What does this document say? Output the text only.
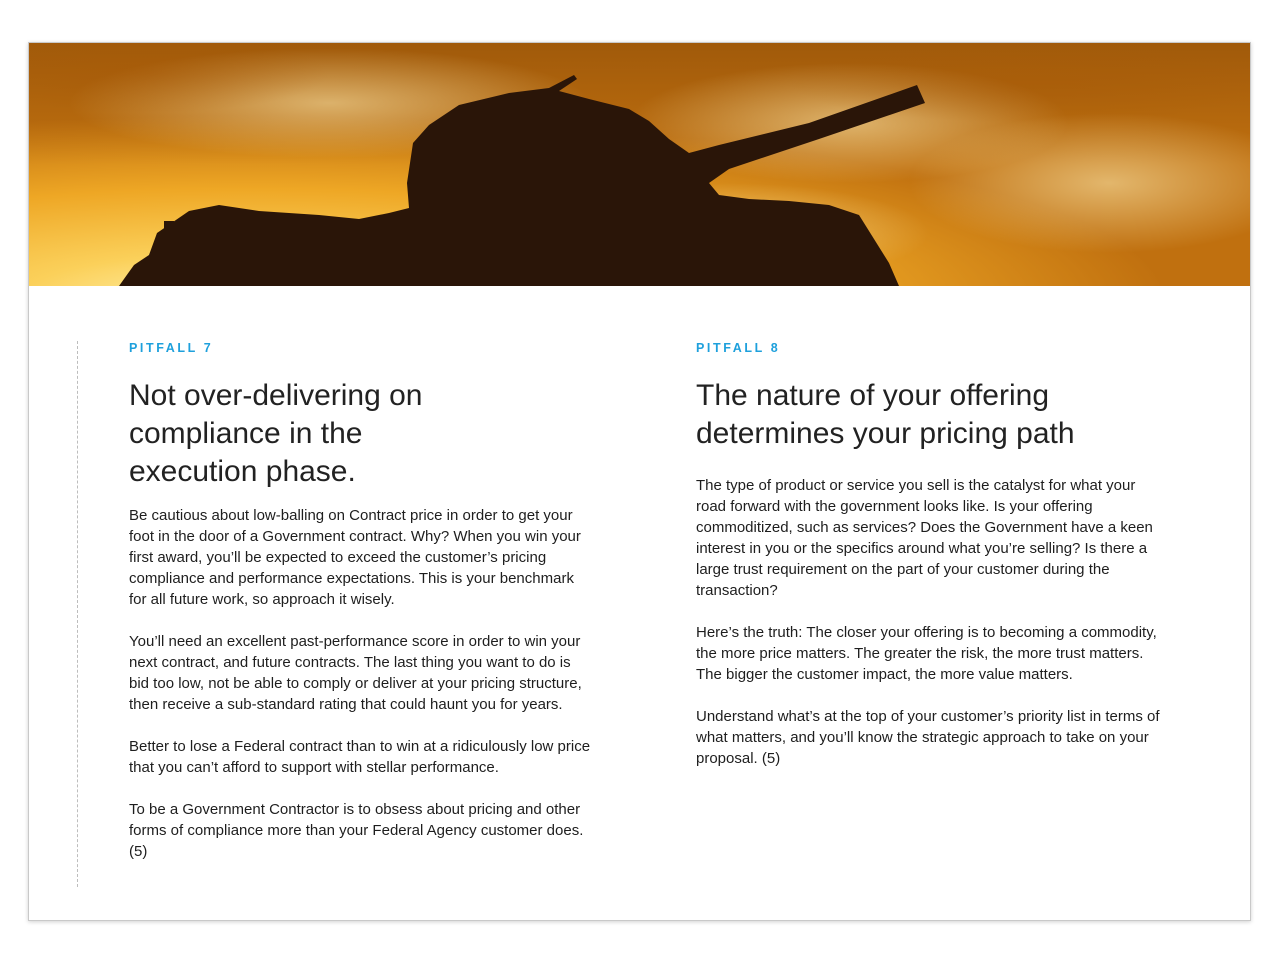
PITFALL 7
Not over-delivering on compliance in the execution phase.

Be cautious about low-balling on Contract price in order to get your foot in the door of a Government contract. Why? When you win your first award, you’ll be expected to exceed the customer’s pricing compliance and performance expectations. This is your benchmark for all future work, so approach it wisely.

You’ll need an excellent past-performance score in order to win your next contract, and future contracts. The last thing you want to do is bid too low, not be able to comply or deliver at your pricing structure, then receive a sub-standard rating that could haunt you for years.

Better to lose a Federal contract than to win at a ridiculously low price that you can’t afford to support with stellar performance.

To be a Government Contractor is to obsess about pricing and other forms of compliance more than your Federal Agency customer does. (5)

PITFALL 8
The nature of your offering determines your pricing path

The type of product or service you sell is the catalyst for what your road forward with the government looks like. Is your offering commoditized, such as services? Does the Government have a keen interest in you or the specifics around what you’re selling? Is there a large trust requirement on the part of your customer during the transaction?

Here’s the truth: The closer your offering is to becoming a commodity, the more price matters. The greater the risk, the more trust matters. The bigger the customer impact, the more value matters.

Understand what’s at the top of your customer’s priority list in terms of what matters, and you’ll know the strategic approach to take on your proposal. (5)
